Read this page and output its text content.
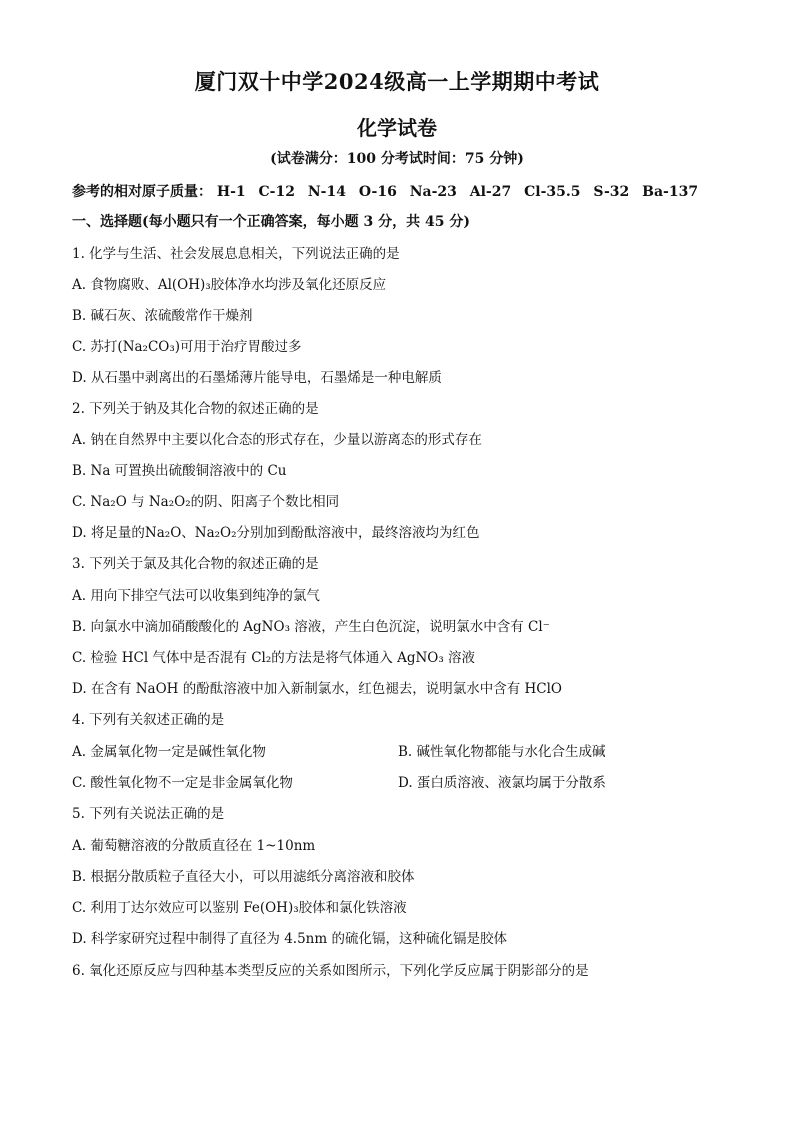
厦门双十中学2024级高一上学期期中考试
化学试卷
(试卷满分：100 分考试时间：75 分钟)
参考的相对原子质量： H-1 C-12 N-14 O-16 Na-23 Al-27 Cl-35.5 S-32 Ba-137
一、选择题(每小题只有一个正确答案，每小题 3 分，共 45 分)
1. 化学与生活、社会发展息息相关，下列说法正确的是
A. 食物腐败、Al(OH)₃胶体净水均涉及氧化还原反应
B. 碱石灰、浓硫酸常作干燥剂
C. 苏打(Na₂CO₃)可用于治疗胃酸过多
D. 从石墨中剥离出的石墨烯薄片能导电，石墨烯是一种电解质
2. 下列关于钠及其化合物的叙述正确的是
A. 钠在自然界中主要以化合态的形式存在，少量以游离态的形式存在
B. Na 可置换出硫酸铜溶液中的 Cu
C. Na₂O 与 Na₂O₂的阴、阳离子个数比相同
D. 将足量的Na₂O、Na₂O₂分别加到酚酞溶液中，最终溶液均为红色
3. 下列关于氯及其化合物的叙述正确的是
A. 用向下排空气法可以收集到纯净的氯气
B. 向氯水中滴加硝酸酸化的 AgNO₃ 溶液，产生白色沉淀，说明氯水中含有 Cl⁻
C. 检验 HCl 气体中是否混有 Cl₂的方法是将气体通入 AgNO₃ 溶液
D. 在含有 NaOH 的酚酞溶液中加入新制氯水，红色褪去，说明氯水中含有 HClO
4. 下列有关叙述正确的是
A. 金属氧化物一定是碱性氧化物	B. 碱性氧化物都能与水化合生成碱
C. 酸性氧化物不一定是非金属氧化物	D. 蛋白质溶液、液氯均属于分散系
5. 下列有关说法正确的是
A. 葡萄糖溶液的分散质直径在 1~10nm
B. 根据分散质粒子直径大小，可以用滤纸分离溶液和胶体
C. 利用丁达尔效应可以鉴别 Fe(OH)₃胶体和氯化铁溶液
D. 科学家研究过程中制得了直径为 4.5nm 的硫化镉，这种硫化镉是胶体
6. 氧化还原反应与四种基本类型反应的关系如图所示，下列化学反应属于阴影部分的是
